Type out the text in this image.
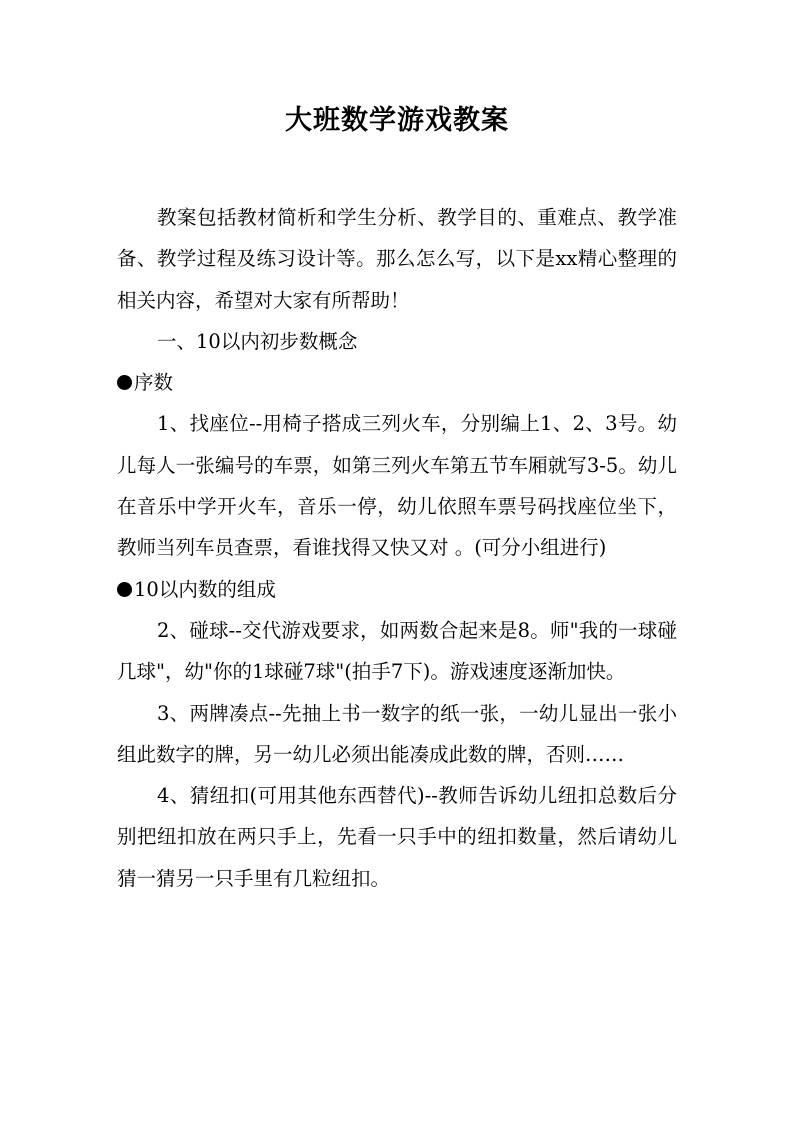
大班数学游戏教案

教案包括教材简析和学生分析、教学目的、重难点、教学准备、教学过程及练习设计等。那么怎么写，以下是xx精心整理的相关内容，希望对大家有所帮助！

一、10以内初步数概念

序数

1、找座位--用椅子搭成三列火车，分别编上1、2、3号。幼儿每人一张编号的车票，如第三列火车第五节车厢就写3-5。幼儿在音乐中学开火车，音乐一停，幼儿依照车票号码找座位坐下，教师当列车员查票，看谁找得又快又对 。(可分小组进行)

10以内数的组成

2、碰球--交代游戏要求，如两数合起来是8。师"我的一球碰几球"，幼"你的1球碰7球"(拍手7下)。游戏速度逐渐加快。

3、两牌凑点--先抽上书一数字的纸一张，一幼儿显出一张小组此数字的牌，另一幼儿必须出能凑成此数的牌，否则……

4、猜纽扣(可用其他东西替代)--教师告诉幼儿纽扣总数后分别把纽扣放在两只手上，先看一只手中的纽扣数量，然后请幼儿猜一猜另一只手里有几粒纽扣。
